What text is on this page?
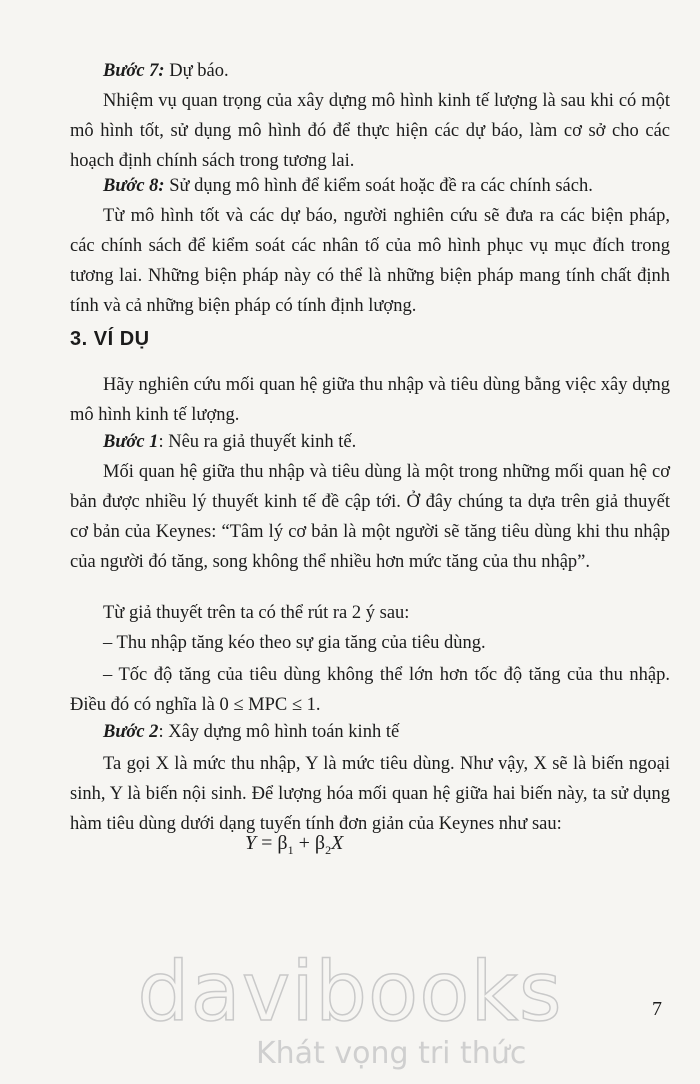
Bước 7: Dự báo.

Nhiệm vụ quan trọng của xây dựng mô hình kinh tế lượng là sau khi có một mô hình tốt, sử dụng mô hình đó để thực hiện các dự báo, làm cơ sở cho các hoạch định chính sách trong tương lai.

Bước 8: Sử dụng mô hình để kiểm soát hoặc đề ra các chính sách.

Từ mô hình tốt và các dự báo, người nghiên cứu sẽ đưa ra các biện pháp, các chính sách để kiểm soát các nhân tố của mô hình phục vụ mục đích trong tương lai. Những biện pháp này có thể là những biện pháp mang tính chất định tính và cả những biện pháp có tính định lượng.

3. VÍ DỤ

Hãy nghiên cứu mối quan hệ giữa thu nhập và tiêu dùng bằng việc xây dựng mô hình kinh tế lượng.

Bước 1: Nêu ra giả thuyết kinh tế.

Mối quan hệ giữa thu nhập và tiêu dùng là một trong những mối quan hệ cơ bản được nhiều lý thuyết kinh tế đề cập tới. Ở đây chúng ta dựa trên giả thuyết cơ bản của Keynes: “Tâm lý cơ bản là một người sẽ tăng tiêu dùng khi thu nhập của người đó tăng, song không thể nhiều hơn mức tăng của thu nhập”.

Từ giả thuyết trên ta có thể rút ra 2 ý sau:

– Thu nhập tăng kéo theo sự gia tăng của tiêu dùng.

– Tốc độ tăng của tiêu dùng không thể lớn hơn tốc độ tăng của thu nhập. Điều đó có nghĩa là 0 ≤ MPC ≤ 1.

Bước 2: Xây dựng mô hình toán kinh tế

Ta gọi X là mức thu nhập, Y là mức tiêu dùng. Như vậy, X sẽ là biến ngoại sinh, Y là biến nội sinh. Để lượng hóa mối quan hệ giữa hai biến này, ta sử dụng hàm tiêu dùng dưới dạng tuyến tính đơn giản của Keynes như sau:

$Y = \beta_1 + \beta_2X$
davibooks
Khát vọng tri thức
7
